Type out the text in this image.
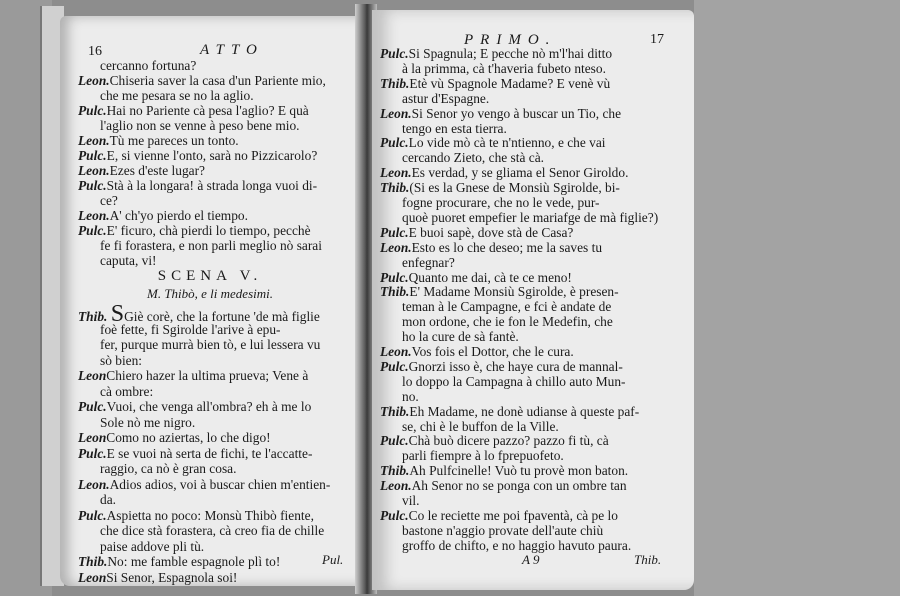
16	ATTO
cercanno fortuna?
Leon.Chiseria saver la casa d'un Pariente mio,
che me pesara se no la aglio.
Pulc.Hai no Pariente cà pesa l'aglio? E quà
l'aglio non se venne à peso bene mio.
Leon.Tù me pareces un tonto.
Pulc.E, si vienne l'onto, sarà no Pizzicarolo?
Leon.Ezes d'este lugar?
Pulc.Stà à la longara! à strada longa vuoi di-
ce?
Leon.A' ch'yo pierdo el tiempo.
Pulc.E' ficuro, chà pierdi lo tiempo, pecchè
fe fi forastera, e non parli meglio nò sarai
caputa, vi!
SCENA V.
M. Thibò, e li medesimi.
Thib. SGiè corè, che la fortune 'de mà figlie
foè fette, fi Sgirolde l'arive à epu-
fer, purque murrà bien tò, e lui lessera vu
sò bien:
LeonChiero hazer la ultima prueva; Vene à
cà ombre:
Pulc.Vuoi, che venga all'ombra? eh à me lo
Sole nò me nigro.
LeonComo no aziertas, lo che digo!
Pulc.E se vuoi nà serta de fichi, te l'accatte-
raggio, ca nò è gran cosa.
Leon.Adios adios, voi à buscar chien m'entien-
da.
Pulc.Aspietta no poco: Monsù Thibò fiente,
che dice stà forastera, cà creo fia de chille
paise addove pli tù.
Thib.No: me famble espagnole plì to!
LeonSi Senor, Espagnola soi!
Pul.
PRIMO.	17
Pulc.Si Spagnula; E pecche nò m'l'hai ditto
à la primma, cà t'haveria fubeto nteso.
Thib.Etè vù Spagnole Madame? E venè vù
astur d'Espagne.
Leon.Si Senor yo vengo à buscar un Tio, che
tengo en esta tierra.
Pulc.Lo vide mò cà te n'ntienno, e che vai
cercando Zieto, che stà cà.
Leon.Es verdad, y se gliama el Senor Giroldo.
Thib.(Si es la Gnese de Monsiù Sgirolde, bi-
fogne procurare, che no le vede, pur-
quoè puoret empefier le mariafge de mà figlie?)
Pulc.E buoi sapè, dove stà de Casa?
Leon.Esto es lo che deseo; me la saves tu
enfegnar?
Pulc.Quanto me dai, cà te ce meno!
Thib.E' Madame Monsiù Sgirolde, è presen-
teman à le Campagne, e fci è andate de
mon ordone, che ie fon le Medefin, che
ho la cure de sà fantè.
Leon.Vos fois el Dottor, che le cura.
Pulc.Gnorzi isso è, che haye cura de mannal-
lo doppo la Campagna à chillo auto Mun-
no.
Thib.Eh Madame, ne donè udianse à queste paf-
se, chi è le buffon de la Ville.
Pulc.Chà buò dicere pazzo? pazzo fi tù, cà
parli fiempre à lo fprepuofeto.
Thib.Ah Pulfcinelle! Vuò tu provè mon baton.
Leon.Ah Senor no se ponga con un ombre tan
vil.
Pulc.Co le reciette me poi fpaventà, cà pe lo
bastone n'aggio provate dell'aute chiù
groffo de chifto, e no haggio havuto paura.
A 9	Thib.
